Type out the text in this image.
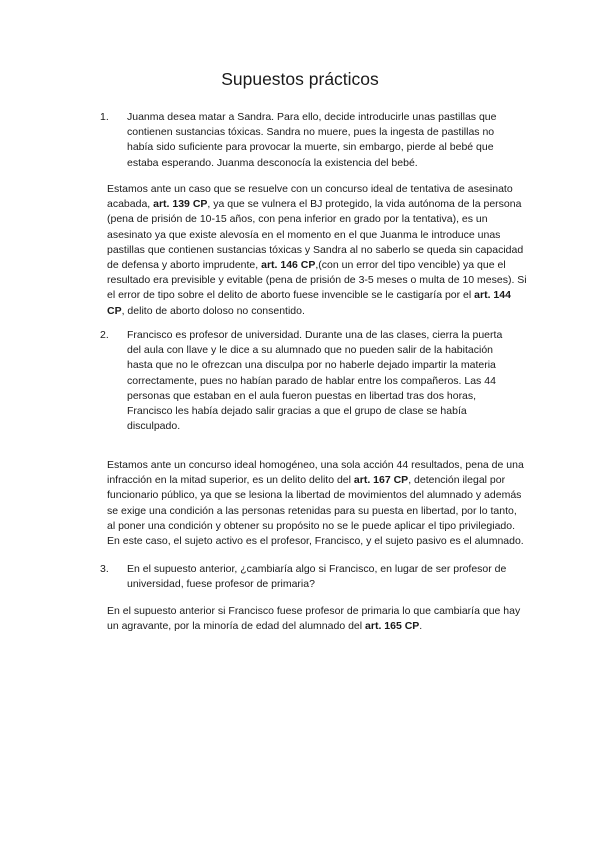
Supuestos prácticos
1. Juanma desea matar a Sandra. Para ello, decide introducirle unas pastillas que contienen sustancias tóxicas. Sandra no muere, pues la ingesta de pastillas no había sido suficiente para provocar la muerte, sin embargo, pierde al bebé que estaba esperando. Juanma desconocía la existencia del bebé.

Estamos ante un caso que se resuelve con un concurso ideal de tentativa de asesinato acabada, art. 139 CP, ya que se vulnera el BJ protegido, la vida autónoma de la persona (pena de prisión de 10-15 años, con pena inferior en grado por la tentativa), es un asesinato ya que existe alevosía en el momento en el que Juanma le introduce unas pastillas que contienen sustancias tóxicas y Sandra al no saberlo se queda sin capacidad de defensa y aborto imprudente, art. 146 CP,(con un error del tipo vencible) ya que el resultado era previsible y evitable (pena de prisión de 3-5 meses o multa de 10 meses). Si el error de tipo sobre el delito de aborto fuese invencible se le castigaría por el art. 144 CP, delito de aborto doloso no consentido.

2. Francisco es profesor de universidad. Durante una de las clases, cierra la puerta del aula con llave y le dice a su alumnado que no pueden salir de la habitación hasta que no le ofrezcan una disculpa por no haberle dejado impartir la materia correctamente, pues no habían parado de hablar entre los compañeros. Las 44 personas que estaban en el aula fueron puestas en libertad tras dos horas, Francisco les había dejado salir gracias a que el grupo de clase se había disculpado.

Estamos ante un concurso ideal homogéneo, una sola acción 44 resultados, pena de una infracción en la mitad superior, es un delito delito del art. 167 CP, detención ilegal por funcionario público, ya que se lesiona la libertad de movimientos del alumnado y además se exige una condición a las personas retenidas para su puesta en libertad, por lo tanto, al poner una condición y obtener su propósito no se le puede aplicar el tipo privilegiado. En este caso, el sujeto activo es el profesor, Francisco, y el sujeto pasivo es el alumnado.

3. En el supuesto anterior, ¿cambiaría algo si Francisco, en lugar de ser profesor de universidad, fuese profesor de primaria?

En el supuesto anterior si Francisco fuese profesor de primaria lo que cambiaría que hay un agravante, por la minoría de edad del alumnado del art. 165 CP.
